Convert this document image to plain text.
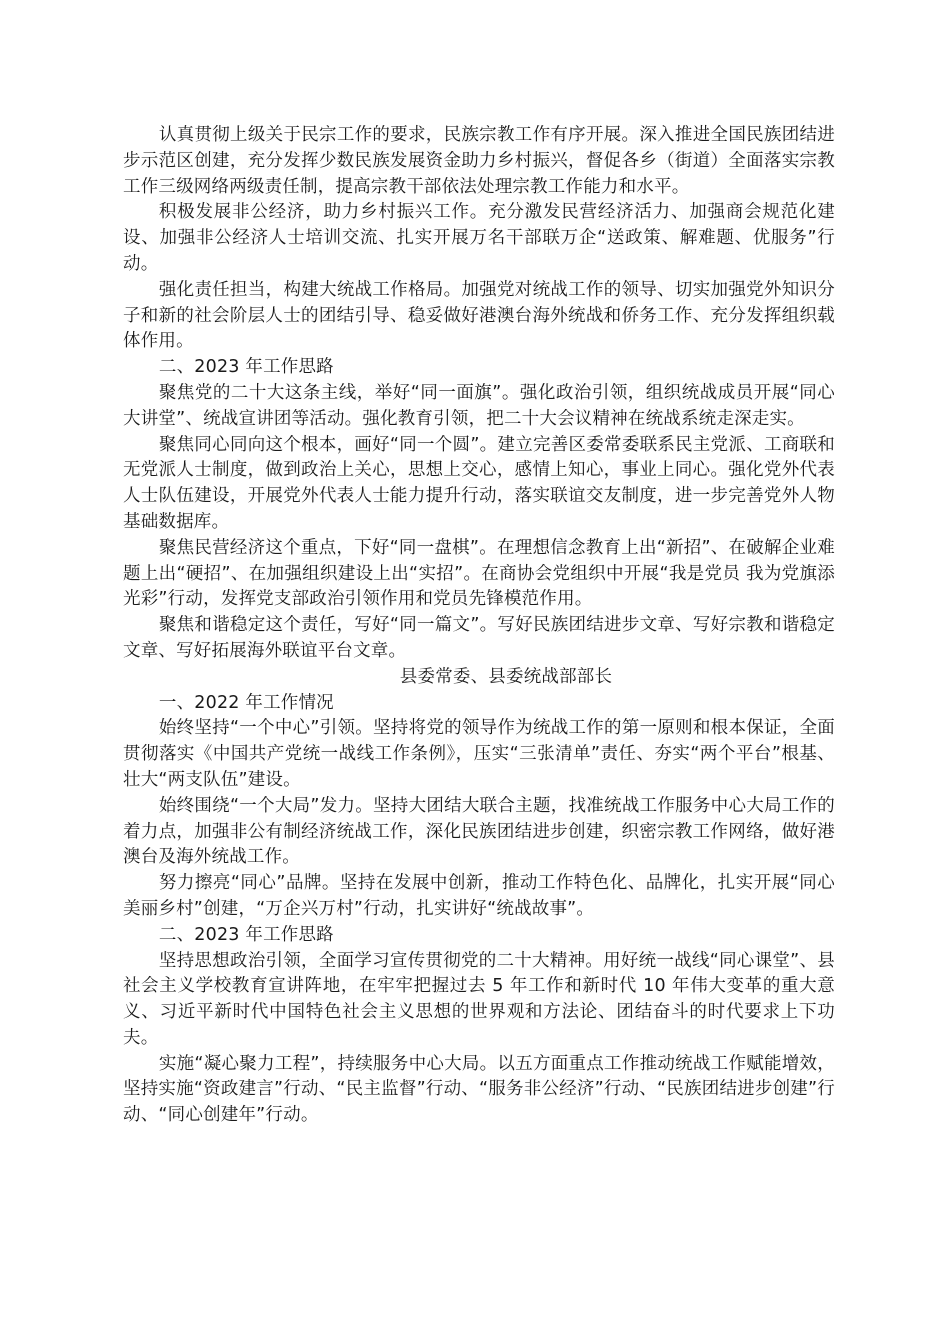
认真贯彻上级关于民宗工作的要求，民族宗教工作有序开展。深入推进全国民族团结进步示范区创建，充分发挥少数民族发展资金助力乡村振兴，督促各乡（街道）全面落实宗教工作三级网络两级责任制，提高宗教干部依法处理宗教工作能力和水平。

积极发展非公经济，助力乡村振兴工作。充分激发民营经济活力、加强商会规范化建设、加强非公经济人士培训交流、扎实开展万名干部联万企“送政策、解难题、优服务”行动。

强化责任担当，构建大统战工作格局。加强党对统战工作的领导、切实加强党外知识分子和新的社会阶层人士的团结引导、稳妥做好港澳台海外统战和侨务工作、充分发挥组织载体作用。

二、2023 年工作思路

聚焦党的二十大这条主线，举好“同一面旗”。强化政治引领，组织统战成员开展“同心大讲堂”、统战宣讲团等活动。强化教育引领，把二十大会议精神在统战系统走深走实。

聚焦同心同向这个根本，画好“同一个圆”。建立完善区委常委联系民主党派、工商联和无党派人士制度，做到政治上关心，思想上交心，感情上知心，事业上同心。强化党外代表人士队伍建设，开展党外代表人士能力提升行动，落实联谊交友制度，进一步完善党外人物基础数据库。

聚焦民营经济这个重点，下好“同一盘棋”。在理想信念教育上出“新招”、在破解企业难题上出“硬招”、在加强组织建设上出“实招”。在商协会党组织中开展“我是党员 我为党旗添光彩”行动，发挥党支部政治引领作用和党员先锋模范作用。

聚焦和谐稳定这个责任，写好“同一篇文”。写好民族团结进步文章、写好宗教和谐稳定文章、写好拓展海外联谊平台文章。

县委常委、县委统战部部长

一、2022 年工作情况

始终坚持“一个中心”引领。坚持将党的领导作为统战工作的第一原则和根本保证，全面贯彻落实《中国共产党统一战线工作条例》，压实“三张清单”责任、夯实“两个平台”根基、壮大“两支队伍”建设。

始终围绕“一个大局”发力。坚持大团结大联合主题，找准统战工作服务中心大局工作的着力点，加强非公有制经济统战工作，深化民族团结进步创建，织密宗教工作网络，做好港澳台及海外统战工作。

努力擦亮“同心”品牌。坚持在发展中创新，推动工作特色化、品牌化，扎实开展“同心美丽乡村”创建，“万企兴万村”行动，扎实讲好“统战故事”。

二、2023 年工作思路

坚持思想政治引领，全面学习宣传贯彻党的二十大精神。用好统一战线“同心课堂”、县社会主义学校教育宣讲阵地，在牢牢把握过去 5 年工作和新时代 10 年伟大变革的重大意义、习近平新时代中国特色社会主义思想的世界观和方法论、团结奋斗的时代要求上下功夫。

实施“凝心聚力工程”，持续服务中心大局。以五方面重点工作推动统战工作赋能增效，坚持实施“资政建言”行动、“民主监督”行动、“服务非公经济”行动、“民族团结进步创建”行动、“同心创建年”行动。
